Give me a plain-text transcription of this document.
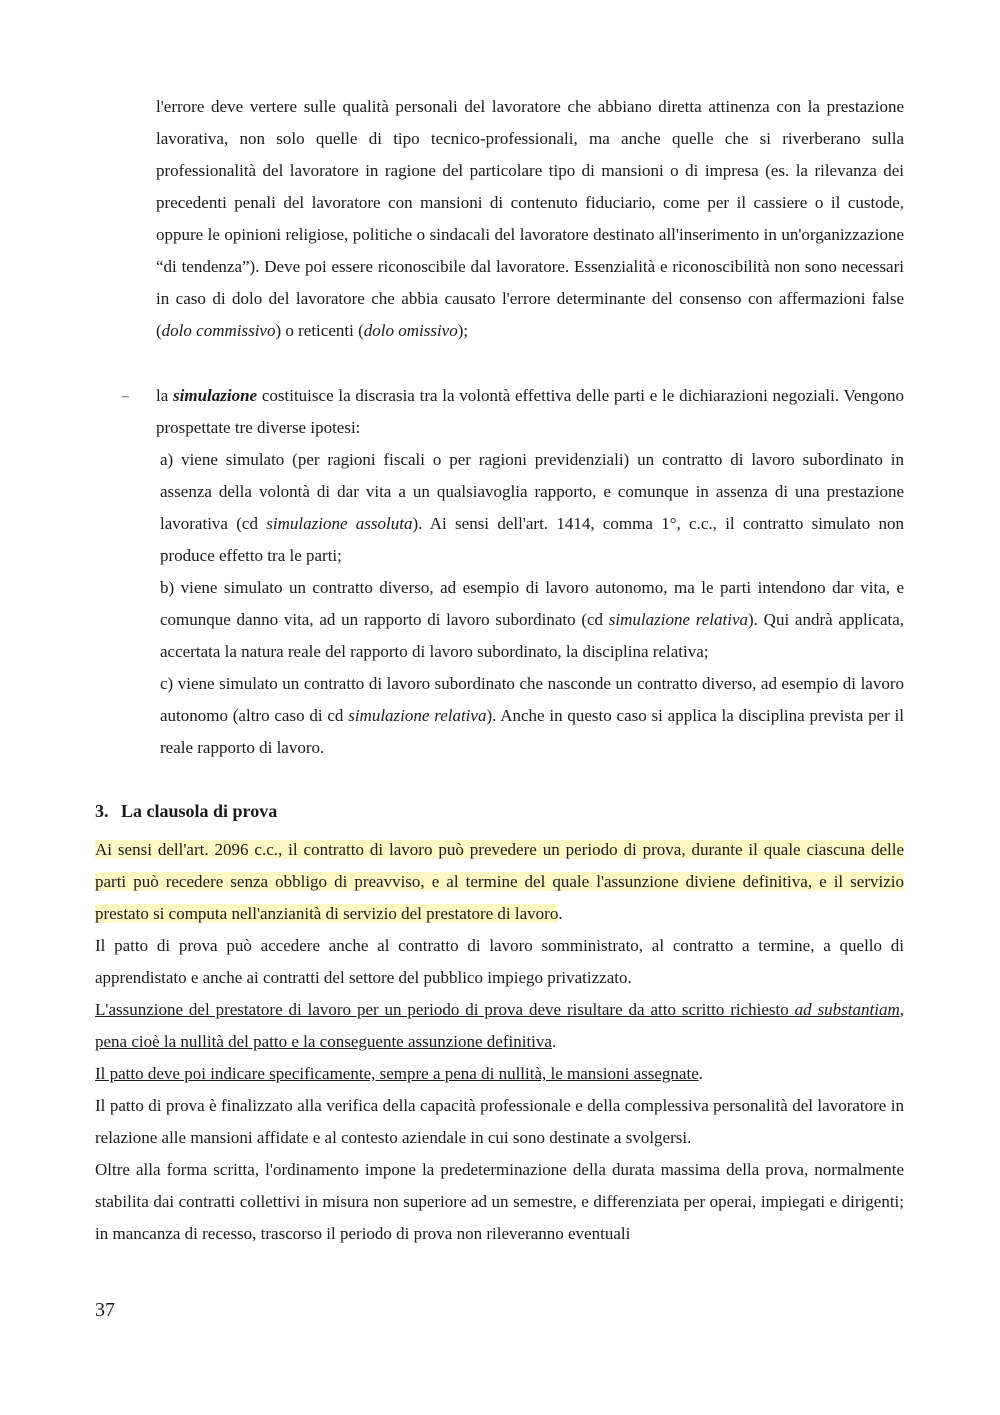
l'errore deve vertere sulle qualità personali del lavoratore che abbiano diretta attinenza con la prestazione lavorativa, non solo quelle di tipo tecnico-professionali, ma anche quelle che si riverberano sulla professionalità del lavoratore in ragione del particolare tipo di mansioni o di impresa (es. la rilevanza dei precedenti penali del lavoratore con mansioni di contenuto fiduciario, come per il cassiere o il custode, oppure le opinioni religiose, politiche o sindacali del lavoratore destinato all'inserimento in un'organizzazione “di tendenza”). Deve poi essere riconoscibile dal lavoratore. Essenzialità e riconoscibilità non sono necessari in caso di dolo del lavoratore che abbia causato l'errore determinante del consenso con affermazioni false (dolo commissivo) o reticenti (dolo omissivo);

– la simulazione costituisce la discrasia tra la volontà effettiva delle parti e le dichiarazioni negoziali. Vengono prospettate tre diverse ipotesi:

a) viene simulato (per ragioni fiscali o per ragioni previdenziali) un contratto di lavoro subordinato in assenza della volontà di dar vita a un qualsiavoglia rapporto, e comunque in assenza di una prestazione lavorativa (cd simulazione assoluta). Ai sensi dell'art. 1414, comma 1°, c.c., il contratto simulato non produce effetto tra le parti;

b) viene simulato un contratto diverso, ad esempio di lavoro autonomo, ma le parti intendono dar vita, e comunque danno vita, ad un rapporto di lavoro subordinato (cd simulazione relativa). Qui andrà applicata, accertata la natura reale del rapporto di lavoro subordinato, la disciplina relativa;

c) viene simulato un contratto di lavoro subordinato che nasconde un contratto diverso, ad esempio di lavoro autonomo (altro caso di cd simulazione relativa). Anche in questo caso si applica la disciplina prevista per il reale rapporto di lavoro.

3. La clausola di prova

Ai sensi dell'art. 2096 c.c., il contratto di lavoro può prevedere un periodo di prova, durante il quale ciascuna delle parti può recedere senza obbligo di preavviso, e al termine del quale l'assunzione diviene definitiva, e il servizio prestato si computa nell'anzianità di servizio del prestatore di lavoro.

Il patto di prova può accedere anche al contratto di lavoro somministrato, al contratto a termine, a quello di apprendistato e anche ai contratti del settore del pubblico impiego privatizzato.

L'assunzione del prestatore di lavoro per un periodo di prova deve risultare da atto scritto richiesto ad substantiam, pena cioè la nullità del patto e la conseguente assunzione definitiva.

Il patto deve poi indicare specificamente, sempre a pena di nullità, le mansioni assegnate.

Il patto di prova è finalizzato alla verifica della capacità professionale e della complessiva personalità del lavoratore in relazione alle mansioni affidate e al contesto aziendale in cui sono destinate a svolgersi.

Oltre alla forma scritta, l'ordinamento impone la predeterminazione della durata massima della prova, normalmente stabilita dai contratti collettivi in misura non superiore ad un semestre, e differenziata per operai, impiegati e dirigenti; in mancanza di recesso, trascorso il periodo di prova non rileveranno eventuali

37
